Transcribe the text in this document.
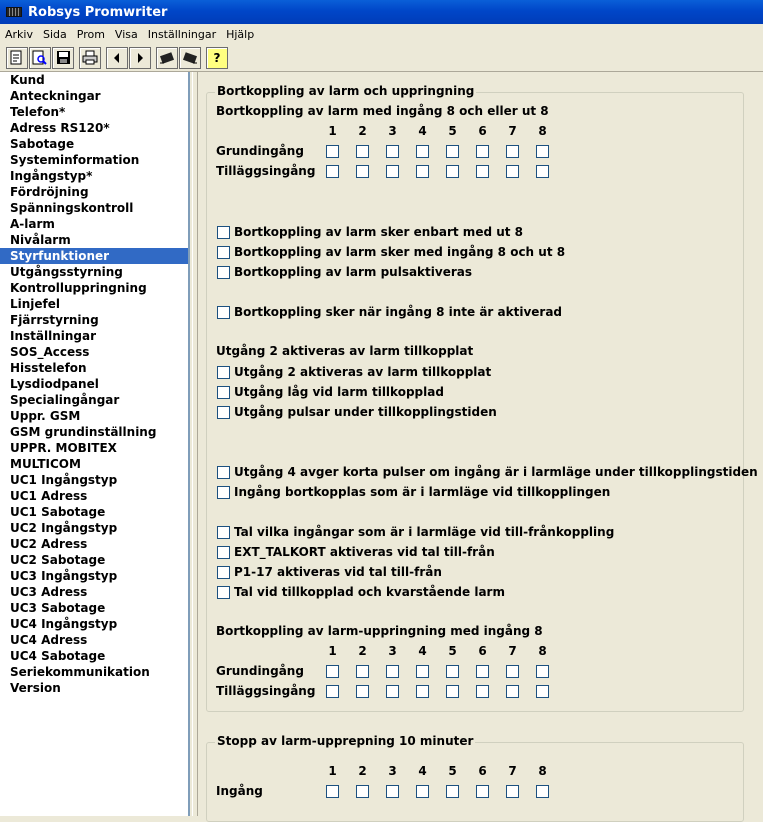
Robsys Promwriter
Arkiv Sida Prom Visa Inställningar Hjälp
?
Kund
Anteckningar
Telefon*
Adress RS120*
Sabotage
Systeminformation
Ingångstyp*
Fördröjning
Spänningskontroll
A-larm
Nivålarm
Styrfunktioner
Utgångsstyrning
Kontrolluppringning
Linjefel
Fjärrstyrning
Inställningar
SOS_Access
Hisstelefon
Lysdiodpanel
Specialingångar
Uppr. GSM
GSM grundinställning
UPPR. MOBITEX
MULTICOM
UC1 Ingångstyp
UC1 Adress
UC1 Sabotage
UC2 Ingångstyp
UC2 Adress
UC2 Sabotage
UC3 Ingångstyp
UC3 Adress
UC3 Sabotage
UC4 Ingångstyp
UC4 Adress
UC4 Sabotage
Seriekommunikation
Version
Bortkoppling av larm och uppringning
Bortkoppling av larm med ingång 8 och eller ut 8
1 2 3 4 5 6 7 8
Grundingång
Tilläggsingång
Bortkoppling av larm sker enbart med ut 8
Bortkoppling av larm sker med ingång 8 och ut 8
Bortkoppling av larm pulsaktiveras
Bortkoppling sker när ingång 8 inte är aktiverad
Utgång 2 aktiveras av larm tillkopplat
Utgång 2 aktiveras av larm tillkopplat
Utgång låg vid larm tillkopplad
Utgång pulsar under tillkopplingstiden
Utgång 4 avger korta pulser om ingång är i larmläge under tillkopplingstiden
Ingång bortkopplas som är i larmläge vid tillkopplingen
Tal vilka ingångar som är i larmläge vid till-frånkoppling
EXT_TALKORT aktiveras vid tal till-från
P1-17 aktiveras vid tal till-från
Tal vid tillkopplad och kvarstående larm
Bortkoppling av larm-uppringning med ingång 8
1 2 3 4 5 6 7 8
Grundingång
Tilläggsingång
Stopp av larm-upprepning 10 minuter
1 2 3 4 5 6 7 8
Ingång
